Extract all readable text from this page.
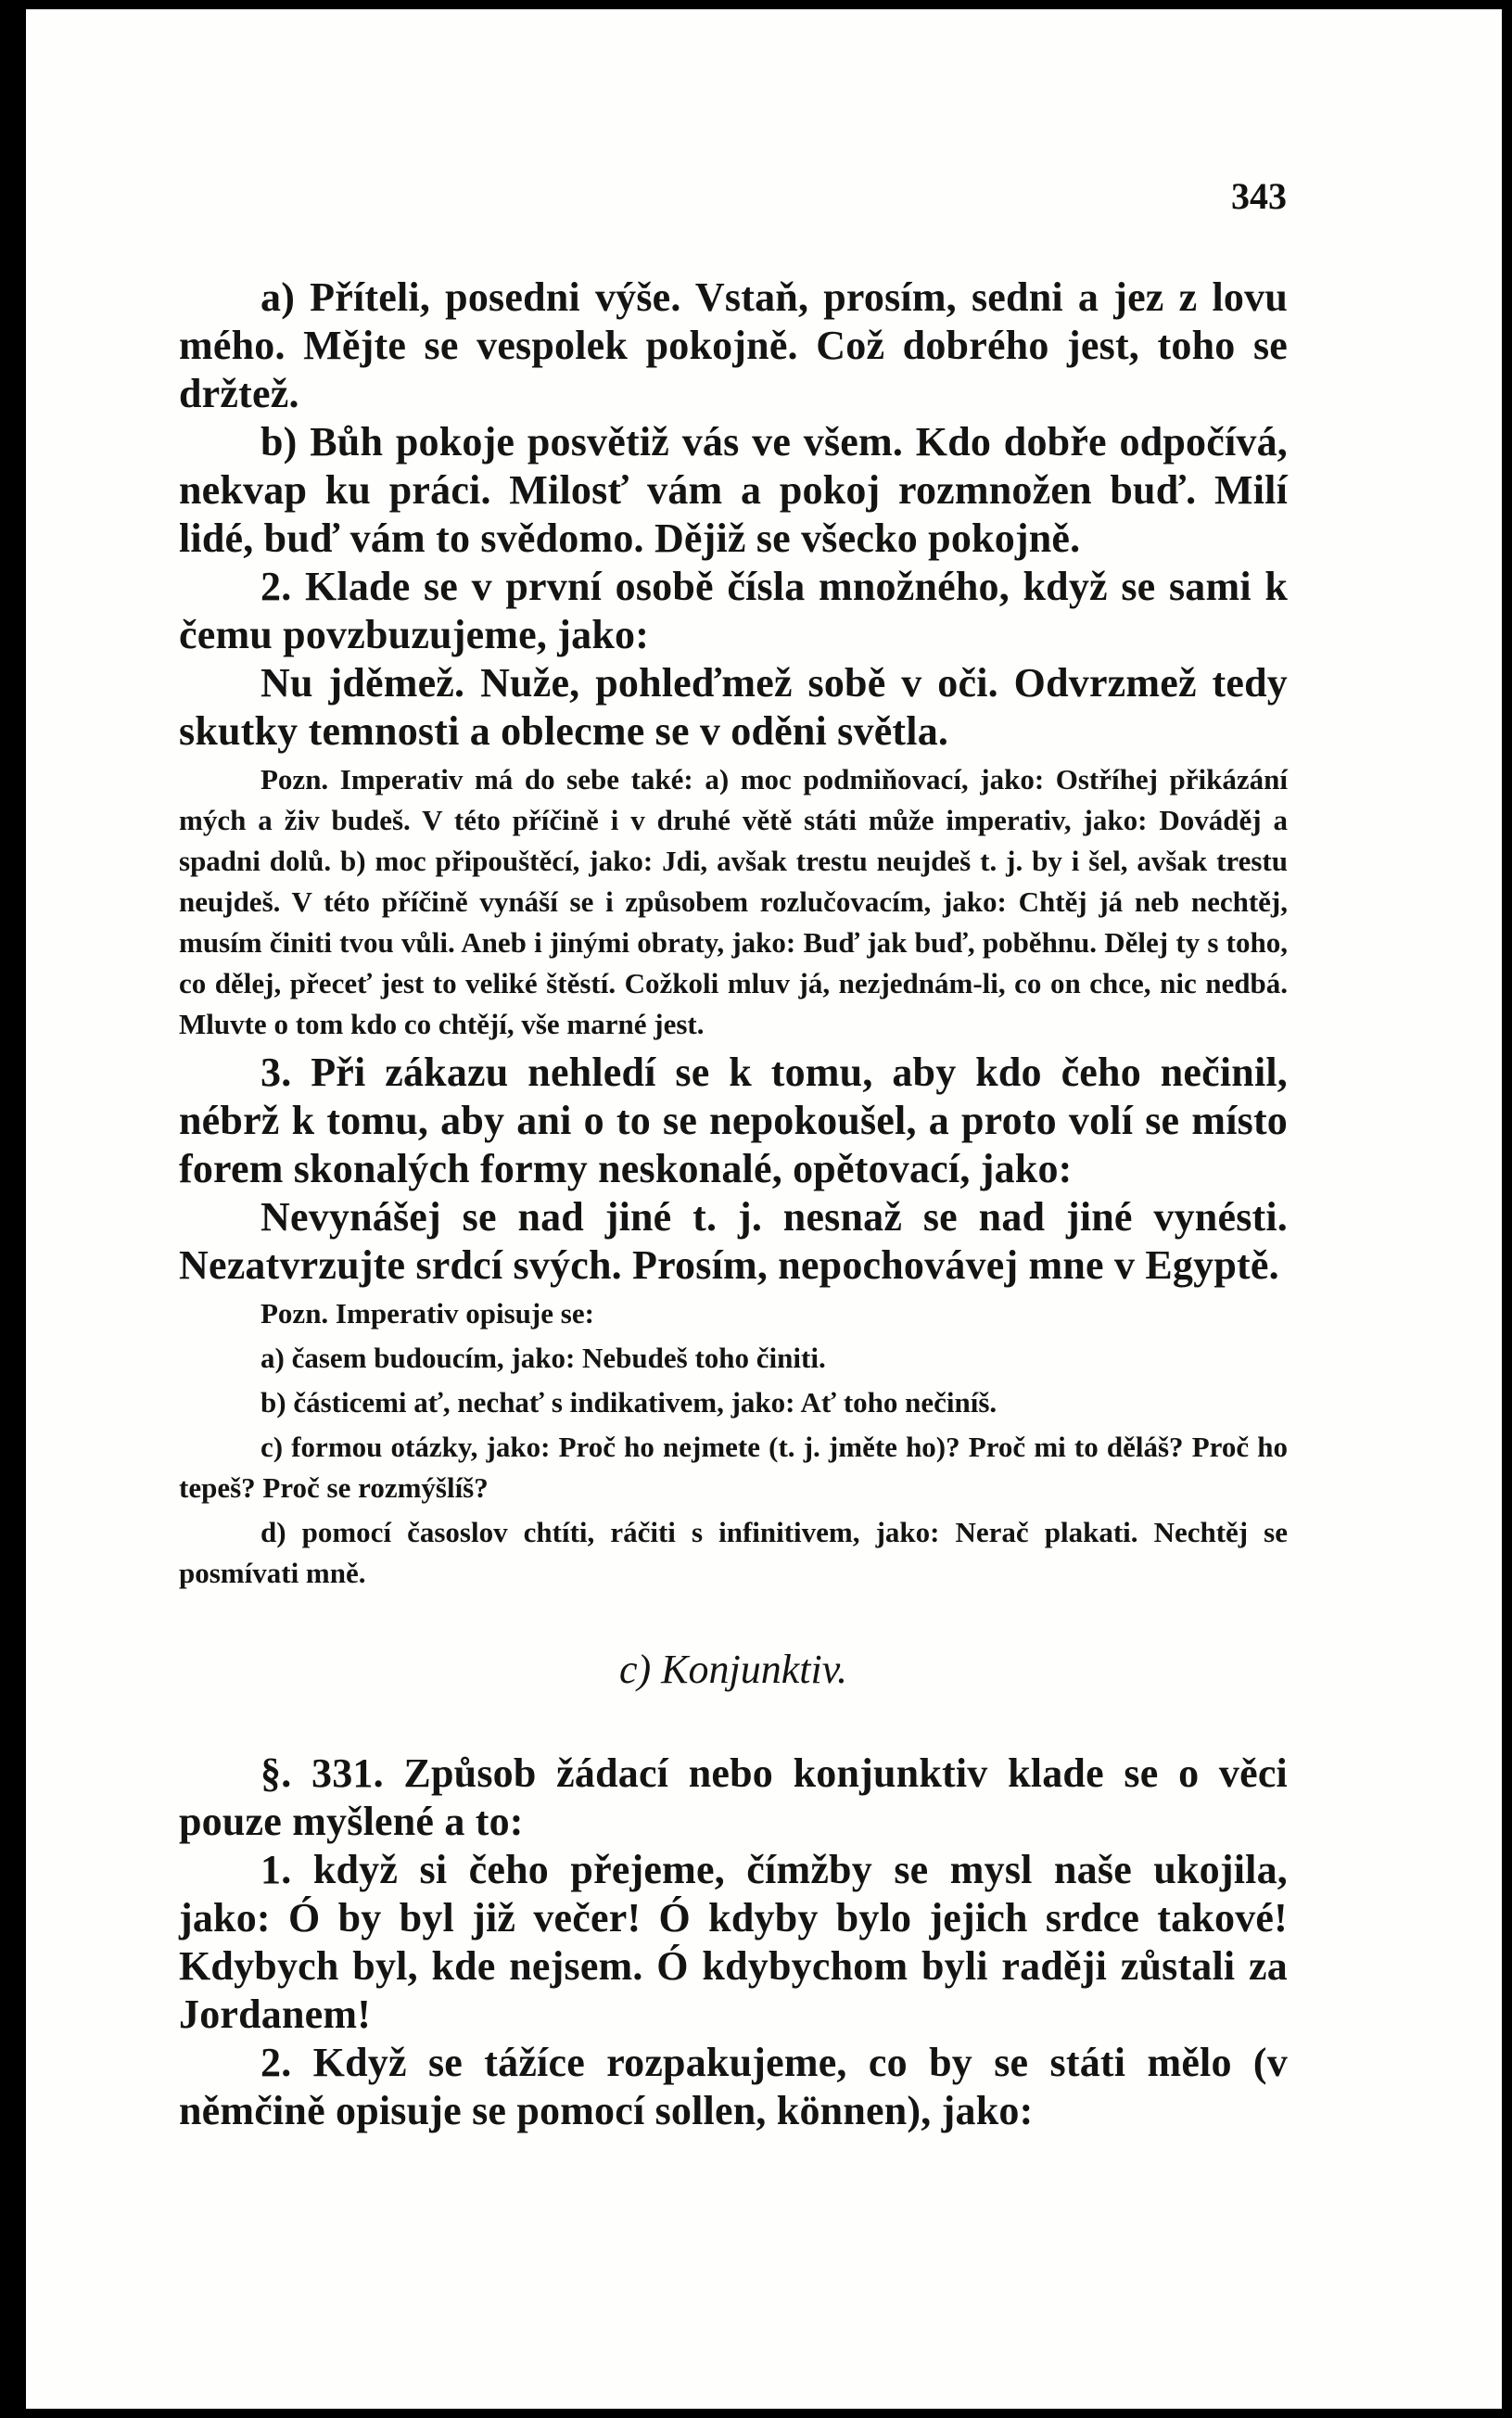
343

a) Příteli, posedni výše. Vstaň, prosím, sedni a jez z lovu mého. Mějte se vespolek pokojně. Což dobrého jest, toho se držtež.

b) Bůh pokoje posvětiž vás ve všem. Kdo dobře odpočívá, nekvap ku práci. Milosť vám a pokoj rozmnožen buď. Milí lidé, buď vám to svědomo. Dějiž se všecko pokojně.

2. Klade se v první osobě čísla množného, když se sami k čemu povzbuzujeme, jako:

Nu jděmež. Nuže, pohleďmež sobě v oči. Odvrzmež tedy skutky temnosti a oblecme se v oděni světla.

Pozn. Imperativ má do sebe také: a) moc podmiňovací, jako: Ostříhej přikázání mých a živ budeš. V této příčině i v druhé větě státi může imperativ, jako: Dováděj a spadni dolů. b) moc připouštěcí, jako: Jdi, avšak trestu neujdeš t. j. by i šel, avšak trestu neujdeš. V této příčině vynáší se i způsobem rozlučovacím, jako: Chtěj já neb nechtěj, musím činiti tvou vůli. Aneb i jinými obraty, jako: Buď jak buď, poběhnu. Dělej ty s toho, co dělej, přeceť jest to veliké štěstí. Cožkoli mluv já, nezjednám-li, co on chce, nic nedbá. Mluvte o tom kdo co chtějí, vše marné jest.

3. Při zákazu nehledí se k tomu, aby kdo čeho nečinil, nébrž k tomu, aby ani o to se nepokoušel, a proto volí se místo forem skonalých formy neskonalé, opětovací, jako:

Nevynášej se nad jiné t. j. nesnaž se nad jiné vynésti. Nezatvrzujte srdcí svých. Prosím, nepochovávej mne v Egyptě.

Pozn. Imperativ opisuje se:

a) časem budoucím, jako: Nebudeš toho činiti.

b) částicemi ať, nechať s indikativem, jako: Ať toho nečiníš.

c) formou otázky, jako: Proč ho nejmete (t. j. jměte ho)? Proč mi to děláš? Proč ho tepeš? Proč se rozmýšlíš?

d) pomocí časoslov chtíti, ráčiti s infinitivem, jako: Nerač plakati. Nechtěj se posmívati mně.

c) Konjunktiv.

§. 331. Způsob žádací nebo konjunktiv klade se o věci pouze myšlené a to:

1. když si čeho přejeme, čímžby se mysl naše ukojila, jako: Ó by byl již večer! Ó kdyby bylo jejich srdce takové! Kdybych byl, kde nejsem. Ó kdybychom byli raději zůstali za Jordanem!

2. Když se tážíce rozpakujeme, co by se státi mělo (v němčině opisuje se pomocí sollen, können), jako:
